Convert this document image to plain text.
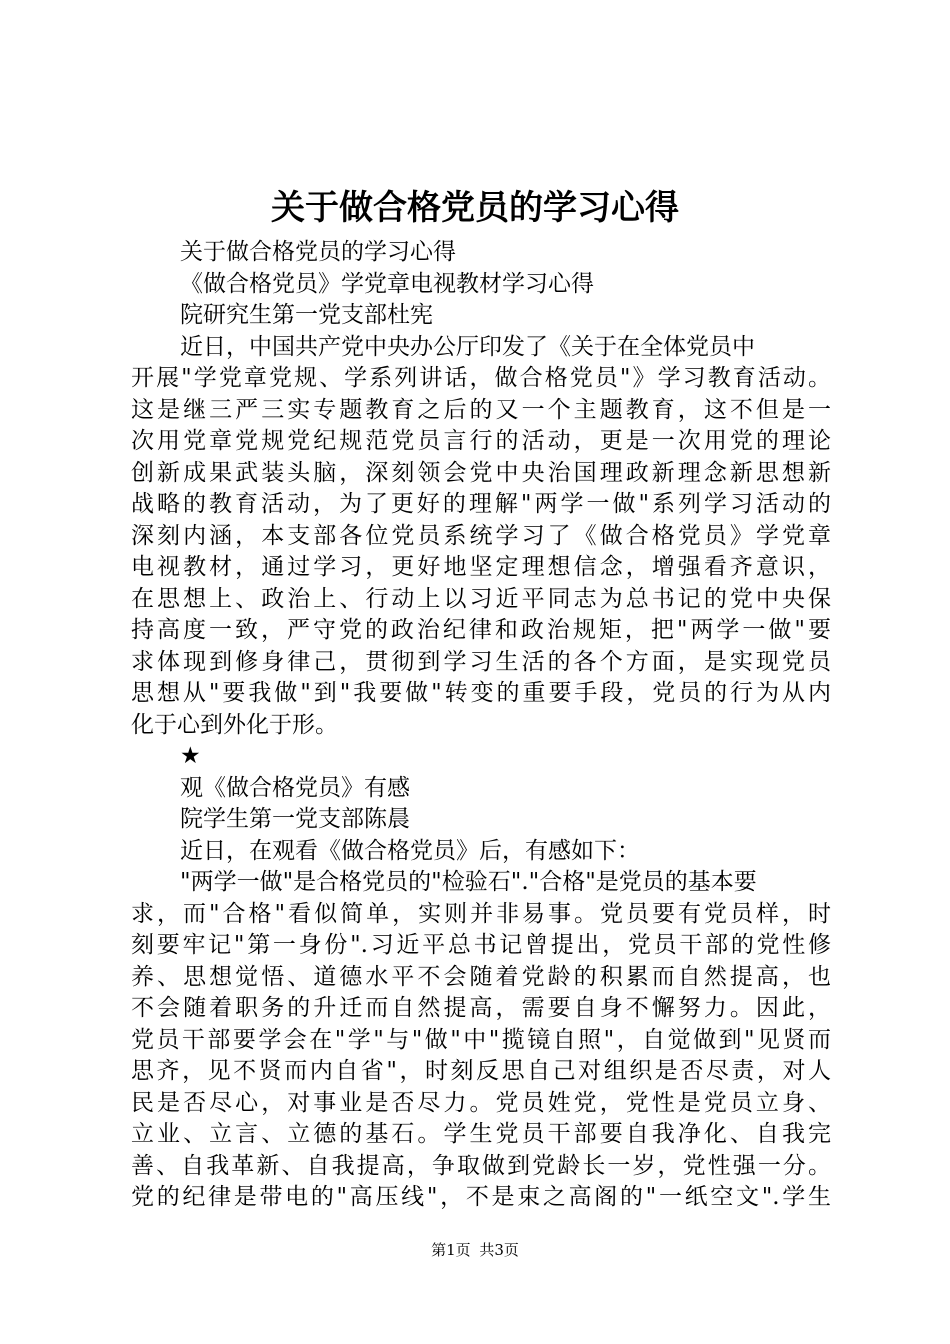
关于做合格党员的学习心得
关于做合格党员的学习心得
《做合格党员》学党章电视教材学习心得
院研究生第一党支部杜宪
近日，中国共产党中央办公厅印发了《关于在全体党员中
开展"学党章党规、学系列讲话，做合格党员"》学习教育活动。
这是继三严三实专题教育之后的又一个主题教育，这不但是一
次用党章党规党纪规范党员言行的活动，更是一次用党的理论
创新成果武装头脑，深刻领会党中央治国理政新理念新思想新
战略的教育活动，为了更好的理解"两学一做"系列学习活动的
深刻内涵，本支部各位党员系统学习了《做合格党员》学党章
电视教材，通过学习，更好地坚定理想信念，增强看齐意识，
在思想上、政治上、行动上以习近平同志为总书记的党中央保
持高度一致，严守党的政治纪律和政治规矩，把"两学一做"要
求体现到修身律己，贯彻到学习生活的各个方面，是实现党员
思想从"要我做"到"我要做"转变的重要手段，党员的行为从内
化于心到外化于形。
★
观《做合格党员》有感
院学生第一党支部陈晨
近日，在观看《做合格党员》后，有感如下：
"两学一做"是合格党员的"检验石"."合格"是党员的基本要
求，而"合格"看似简单，实则并非易事。党员要有党员样，时
刻要牢记"第一身份".习近平总书记曾提出，党员干部的党性修
养、思想觉悟、道德水平不会随着党龄的积累而自然提高，也
不会随着职务的升迁而自然提高，需要自身不懈努力。因此，
党员干部要学会在"学"与"做"中"揽镜自照"，自觉做到"见贤而
思齐，见不贤而内自省"，时刻反思自己对组织是否尽责，对人
民是否尽心，对事业是否尽力。党员姓党，党性是党员立身、
立业、立言、立德的基石。学生党员干部要自我净化、自我完
善、自我革新、自我提高，争取做到党龄长一岁，党性强一分。
党的纪律是带电的"高压线"，不是束之高阁的"一纸空文".学生
第1页 共3页
